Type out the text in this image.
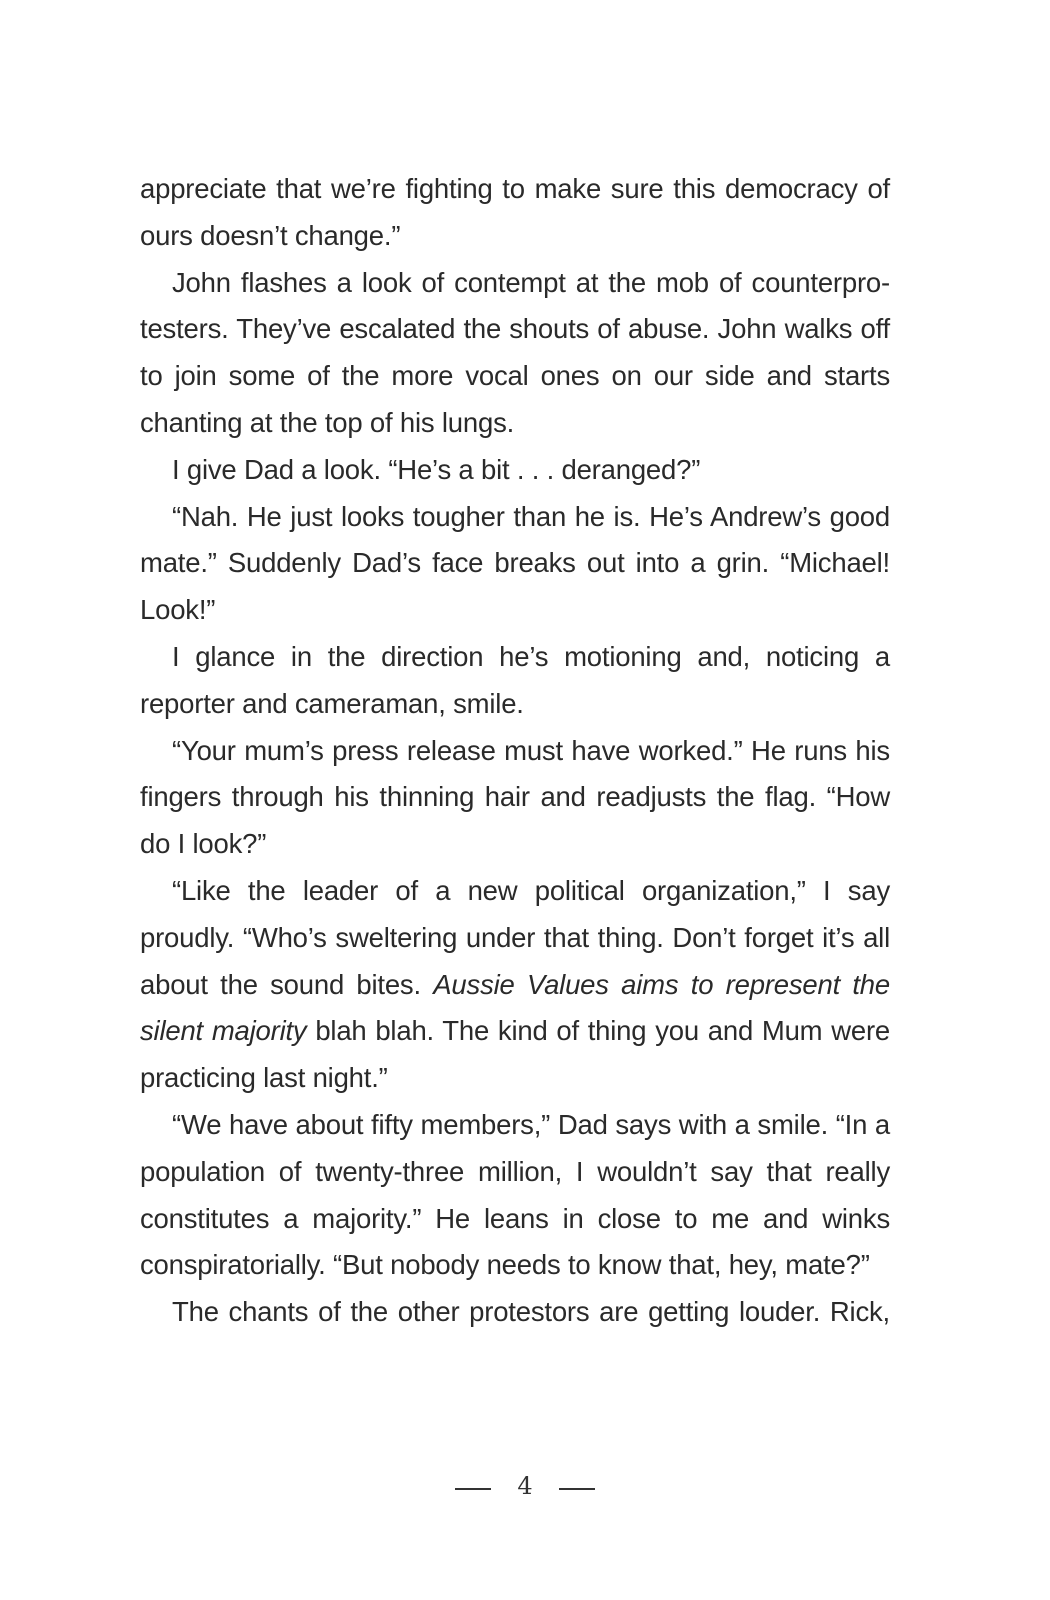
appreciate that we’re fighting to make sure this democracy of ours doesn’t change.”

John flashes a look of contempt at the mob of counterpro- testers. They’ve escalated the shouts of abuse. John walks off to join some of the more vocal ones on our side and starts chanting at the top of his lungs.

I give Dad a look. “He’s a bit . . . deranged?”

“Nah. He just looks tougher than he is. He’s Andrew’s good mate.” Suddenly Dad’s face breaks out into a grin. “Michael! Look!”

I glance in the direction he’s motioning and, noticing a reporter and cameraman, smile.

“Your mum’s press release must have worked.” He runs his fingers through his thinning hair and readjusts the flag. “How do I look?”

“Like the leader of a new political organization,” I say proudly. “Who’s sweltering under that thing. Don’t forget it’s all about the sound bites. Aussie Values aims to represent the silent majority blah blah. The kind of thing you and Mum were practicing last night.”

“We have about fifty members,” Dad says with a smile. “In a population of twenty-three million, I wouldn’t say that really constitutes a majority.” He leans in close to me and winks conspiratorially. “But nobody needs to know that, hey, mate?”

The chants of the other protestors are getting louder. Rick,

4
